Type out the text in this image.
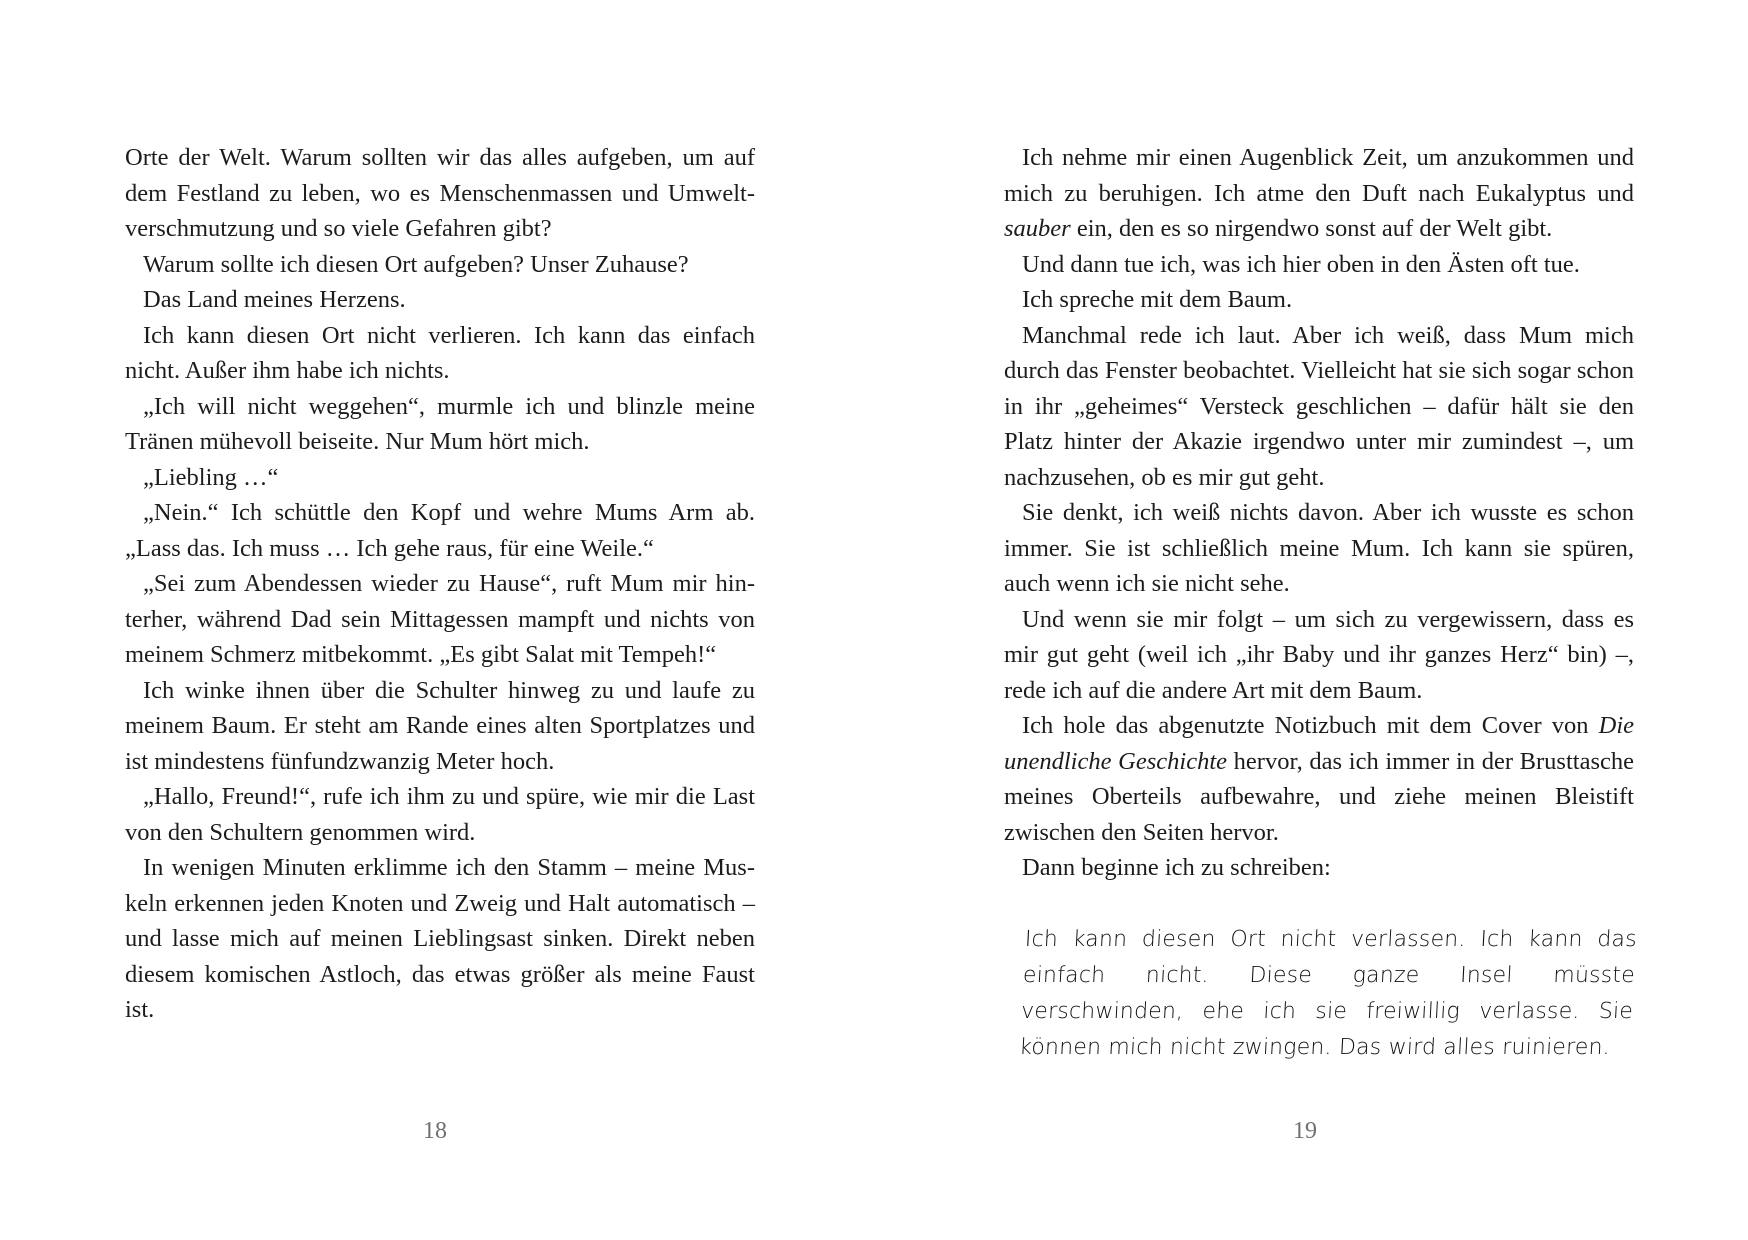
Orte der Welt. Warum sollten wir das alles aufgeben, um auf dem Festland zu leben, wo es Menschenmassen und Umweltverschmutzung und so viele Gefahren gibt?

Warum sollte ich diesen Ort aufgeben? Unser Zuhause?

Das Land meines Herzens.

Ich kann diesen Ort nicht verlieren. Ich kann das einfach nicht. Außer ihm habe ich nichts.

„Ich will nicht weggehen“, murmle ich und blinzle meine Tränen mühevoll beiseite. Nur Mum hört mich.

„Liebling …“

„Nein.“ Ich schüttle den Kopf und wehre Mums Arm ab. „Lass das. Ich muss … Ich gehe raus, für eine Weile.“

„Sei zum Abendessen wieder zu Hause“, ruft Mum mir hinterher, während Dad sein Mittagessen mampft und nichts von meinem Schmerz mitbekommt. „Es gibt Salat mit Tempeh!“

Ich winke ihnen über die Schulter hinweg zu und laufe zu meinem Baum. Er steht am Rande eines alten Sportplatzes und ist mindestens fünfundzwanzig Meter hoch.

„Hallo, Freund!“, rufe ich ihm zu und spüre, wie mir die Last von den Schultern genommen wird.

In wenigen Minuten erklimme ich den Stamm – meine Muskeln erkennen jeden Knoten und Zweig und Halt automatisch – und lasse mich auf meinen Lieblingsast sinken. Direkt neben diesem komischen Astloch, das etwas größer als meine Faust ist.

18

Ich nehme mir einen Augenblick Zeit, um anzukommen und mich zu beruhigen. Ich atme den Duft nach Eukalyptus und sauber ein, den es so nirgendwo sonst auf der Welt gibt.

Und dann tue ich, was ich hier oben in den Ästen oft tue.

Ich spreche mit dem Baum.

Manchmal rede ich laut. Aber ich weiß, dass Mum mich durch das Fenster beobachtet. Vielleicht hat sie sich sogar schon in ihr „geheimes“ Versteck geschlichen – dafür hält sie den Platz hinter der Akazie irgendwo unter mir zumindest –, um nachzusehen, ob es mir gut geht.

Sie denkt, ich weiß nichts davon. Aber ich wusste es schon immer. Sie ist schließlich meine Mum. Ich kann sie spüren, auch wenn ich sie nicht sehe.

Und wenn sie mir folgt – um sich zu vergewissern, dass es mir gut geht (weil ich „ihr Baby und ihr ganzes Herz“ bin) –, rede ich auf die andere Art mit dem Baum.

Ich hole das abgenutzte Notizbuch mit dem Cover von Die unendliche Geschichte hervor, das ich immer in der Brusttasche meines Oberteils aufbewahre, und ziehe meinen Bleistift zwischen den Seiten hervor.

Dann beginne ich zu schreiben:

Ich kann diesen Ort nicht verlassen. Ich kann das einfach nicht. Diese ganze Insel müsste verschwinden, ehe ich sie freiwillig verlasse. Sie können mich nicht zwingen. Das wird alles ruinieren.
19
